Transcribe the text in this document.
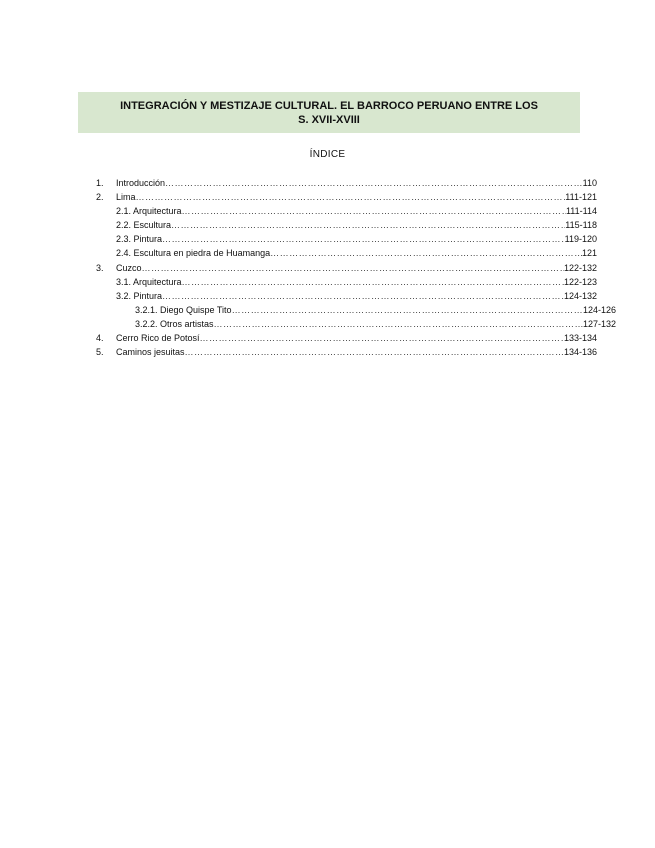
INTEGRACIÓN Y MESTIZAJE CULTURAL. EL BARROCO PERUANO ENTRE LOS
S. XVII-XVIII
ÍNDICE
1. Introducción ……………………………………………………………………………………………………………………………………………………………………………………………………………………	110
2. Lima ……………………………………………………………………………………………………………………………………………………………………………………………………………………	111-121
2.1. Arquitectura ……………………………………………………………………………………………………………………………………………………………………………………………………………………	111-114
2.2. Escultura ……………………………………………………………………………………………………………………………………………………………………………………………………………………	115-118
2.3. Pintura ……………………………………………………………………………………………………………………………………………………………………………………………………………………	119-120
2.4. Escultura en piedra de Huamanga ……………………………………………………………………………………………………………………………………………………………………………………………………………………	121
3. Cuzco ……………………………………………………………………………………………………………………………………………………………………………………………………………………	122-132
3.1. Arquitectura ……………………………………………………………………………………………………………………………………………………………………………………………………………………	122-123
3.2. Pintura ……………………………………………………………………………………………………………………………………………………………………………………………………………………	124-132
3.2.1. Diego Quispe Tito ……………………………………………………………………………………………………………………………………………………………………………………………………………………	124-126
3.2.2. Otros artistas ……………………………………………………………………………………………………………………………………………………………………………………………………………………	127-132
4. Cerro Rico de Potosí ……………………………………………………………………………………………………………………………………………………………………………………………………………………	133-134
5. Caminos jesuitas ……………………………………………………………………………………………………………………………………………………………………………………………………………………	134-136
